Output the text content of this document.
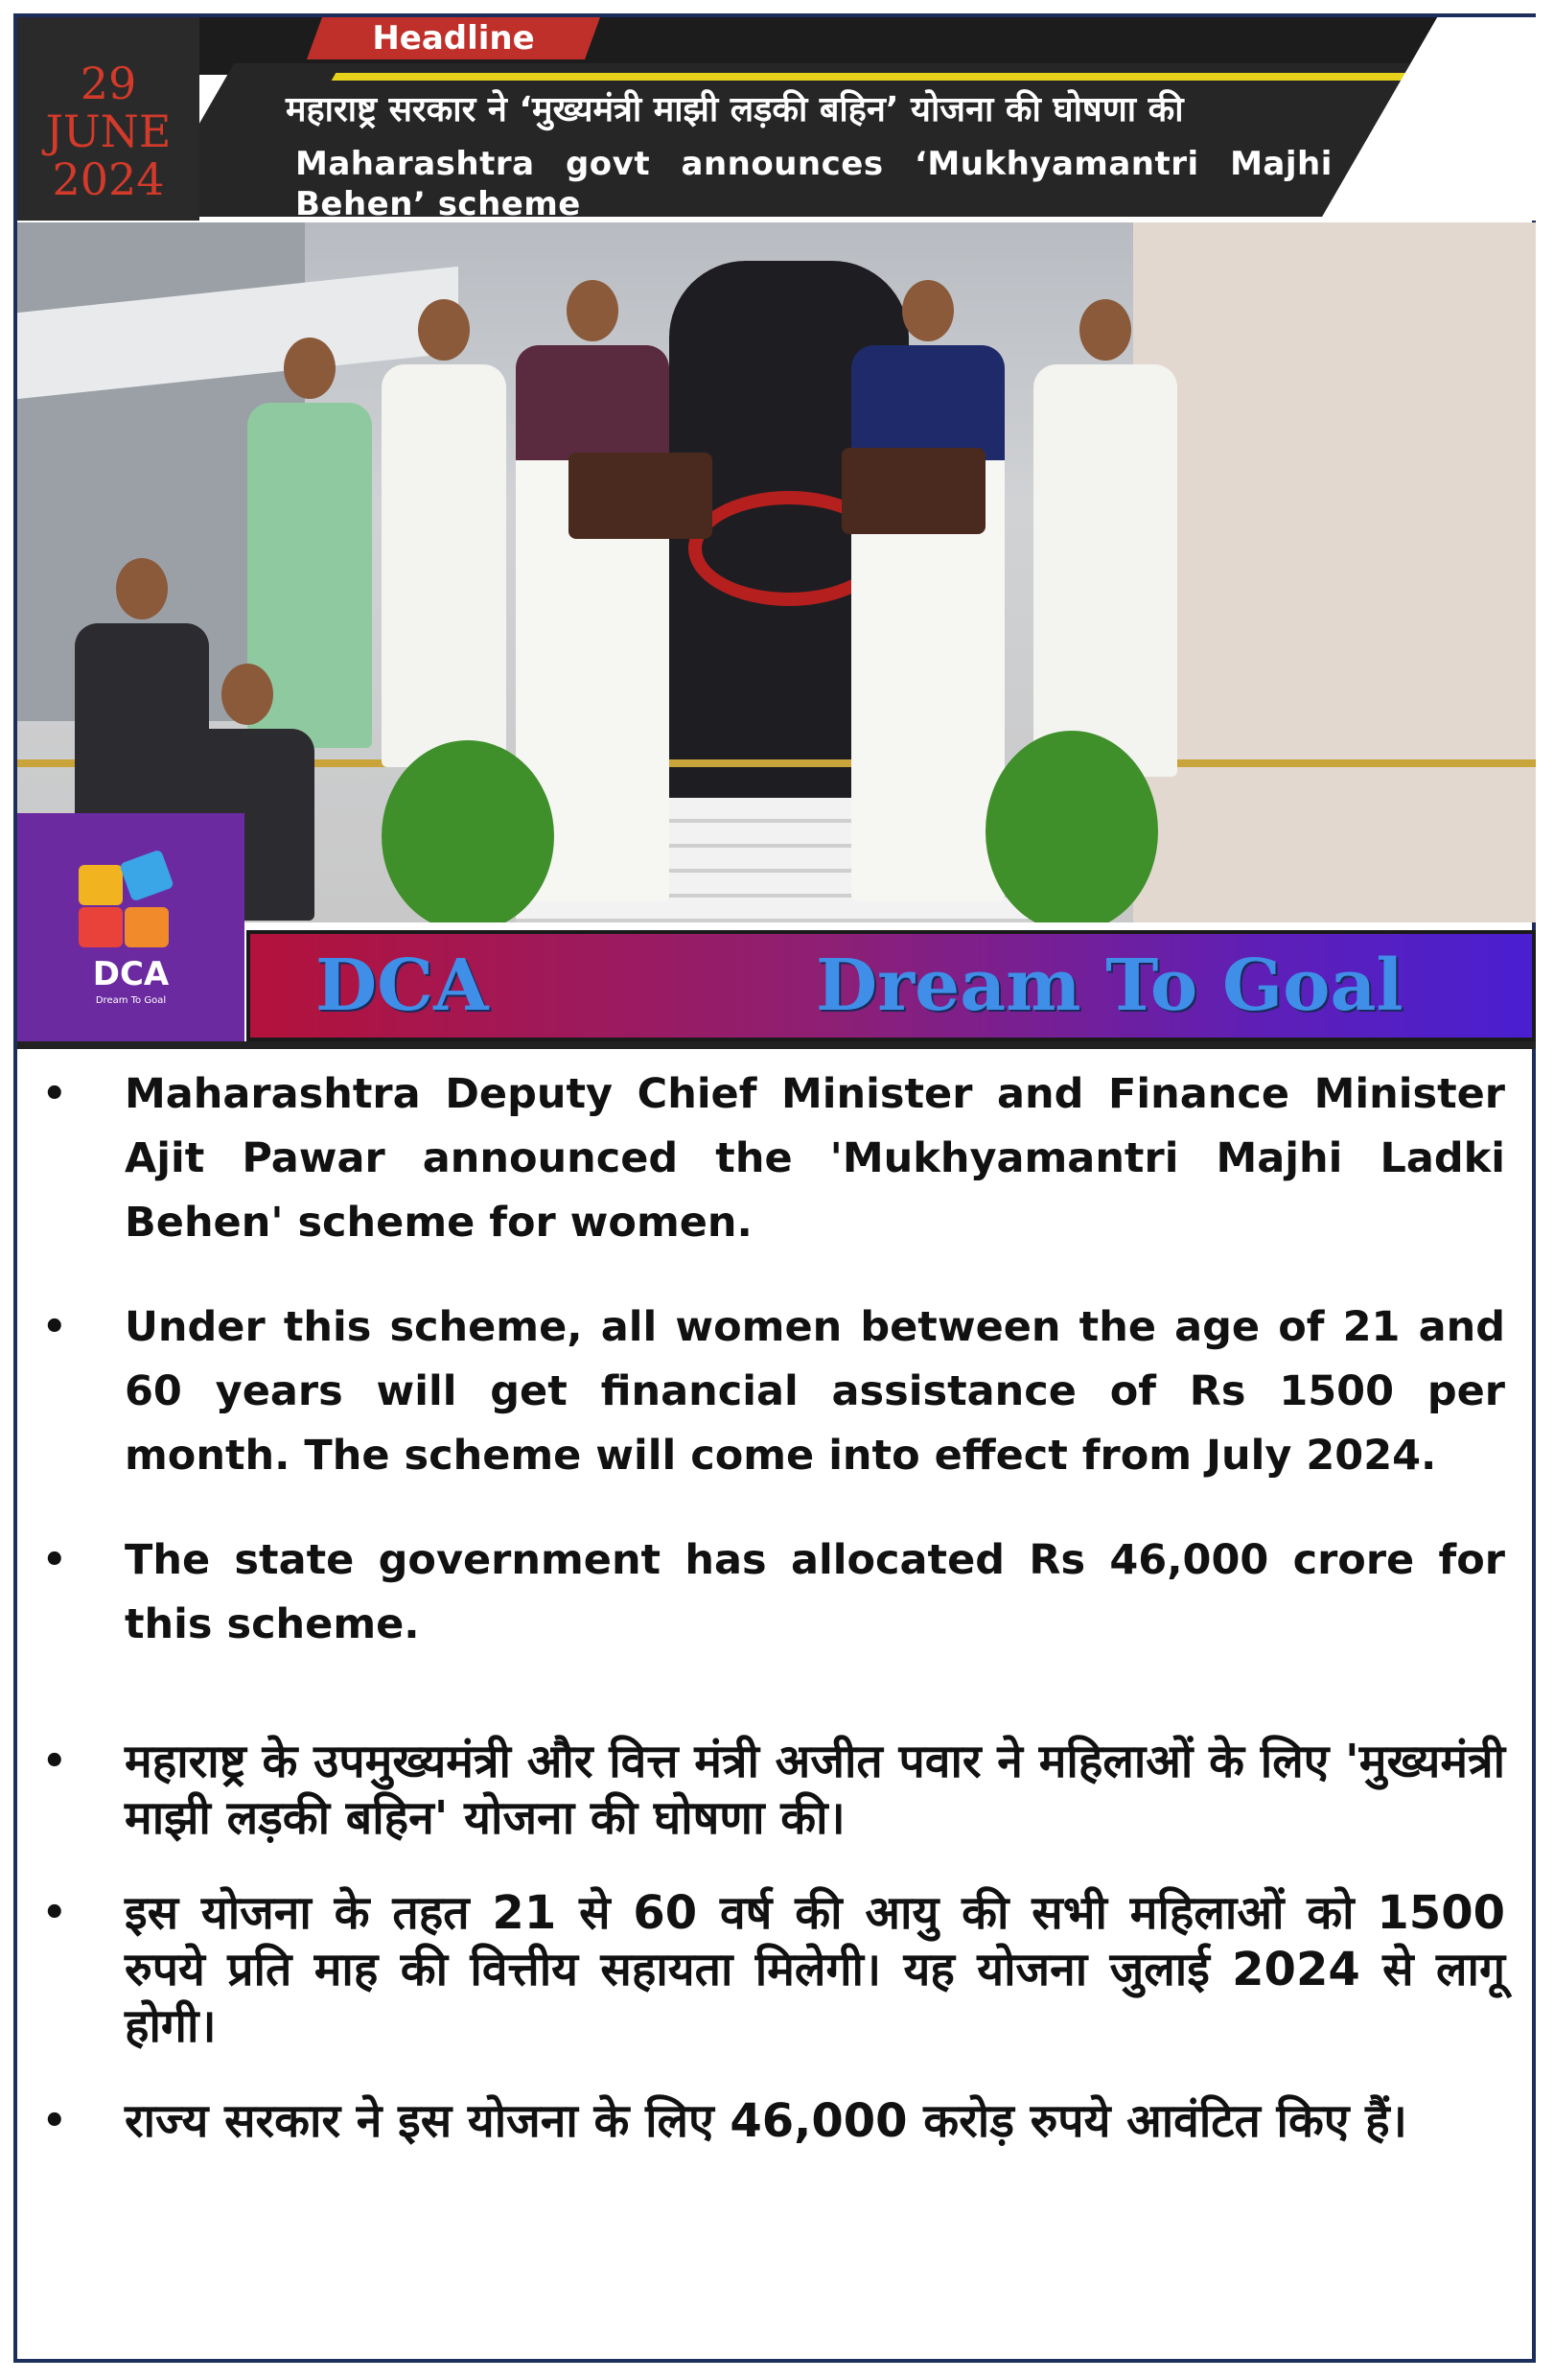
29
JUNE
2024
Headline
महाराष्ट्र सरकार ने ‘मुख्यमंत्री माझी लड़की बहिन’ योजना की घोषणा की
Maharashtra govt announces ‘Mukhyamantri Majhi Ladki Behen’ scheme
DCA
Dream To Goal	DCA	Dream To Goal
• Maharashtra Deputy Chief Minister and Finance Minister Ajit Pawar announced the 'Mukhyamantri Majhi Ladki Behen' scheme for women.
• Under this scheme, all women between the age of 21 and 60 years will get financial assistance of Rs 1500 per month. The scheme will come into effect from July 2024.
• The state government has allocated Rs 46,000 crore for this scheme.
• महाराष्ट्र के उपमुख्यमंत्री और वित्त मंत्री अजीत पवार ने महिलाओं के लिए 'मुख्यमंत्री माझी लड़की बहिन' योजना की घोषणा की।
• इस योजना के तहत 21 से 60 वर्ष की आयु की सभी महिलाओं को 1500 रुपये प्रति माह की वित्तीय सहायता मिलेगी। यह योजना जुलाई 2024 से लागू होगी।
• राज्य सरकार ने इस योजना के लिए 46,000 करोड़ रुपये आवंटित किए हैं।
